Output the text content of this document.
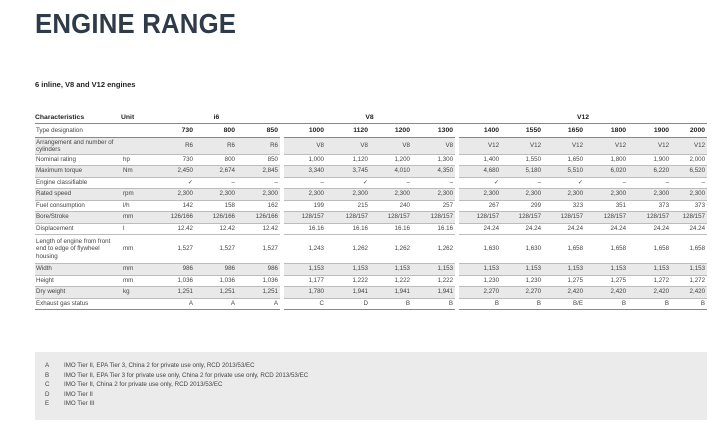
ENGINE RANGE
6 inline, V8 and V12 engines
Characteristics	Unit	i6				V8					V12					
Type designation		730	800	850		1000	1120	1200	1300		1400	1550	1650	1800	1900	2000
Arrangement and number of cylinders		R6	R6	R6		V8	V8	V8	V8		V12	V12	V12	V12	V12	V12
Nominal rating	hp	730	800	850		1,000	1,120	1,200	1,300		1,400	1,550	1,650	1,800	1,900	2,000
Maximum torque	Nm	2,450	2,674	2,845		3,340	3,745	4,010	4,350		4,680	5,180	5,510	6,020	6,220	6,520
Engine classifiable		✓	–	–		–	✓	–	–		✓	–	✓	–	–	–
Rated speed	rpm	2,300	2,300	2,300		2,300	2,300	2,300	2,300		2,300	2,300	2,300	2,300	2,300	2,300
Fuel consumption	l/h	142	158	162		199	215	240	257		267	299	323	351	373	373
Bore/Stroke	mm	126/166	126/166	126/166		128/157	128/157	128/157	128/157		128/157	128/157	128/157	128/157	128/157	128/157
Displacement	l	12.42	12.42	12.42		16.16	16.16	16.16	16.16		24.24	24.24	24.24	24.24	24.24	24.24
Length of engine from front end to edge of flywheel housing	mm	1,527	1,527	1,527		1,243	1,262	1,262	1,262		1,630	1,630	1,658	1,658	1,658	1,658
Width	mm	986	986	986		1,153	1,153	1,153	1,153		1,153	1,153	1,153	1,153	1,153	1,153
Height	mm	1,036	1,036	1,036		1,177	1,222	1,222	1,222		1,230	1,230	1,275	1,275	1,272	1,272
Dry weight	kg	1,251	1,251	1,251		1,780	1,941	1,941	1,941		2,270	2,270	2,420	2,420	2,420	2,420
Exhaust gas status		A	A	A		C	D	B	B		B	B	B/E	B	B	B
A	IMO Tier II, EPA Tier 3, China 2 for private use only, RCD 2013/53/EC
B	IMO Tier II, EPA Tier 3 for private use only, China 2 for private use only, RCD 2013/53/EC
C	IMO Tier II, China 2 for private use only, RCD 2013/53/EC
D	IMO Tier II
E	IMO Tier III
